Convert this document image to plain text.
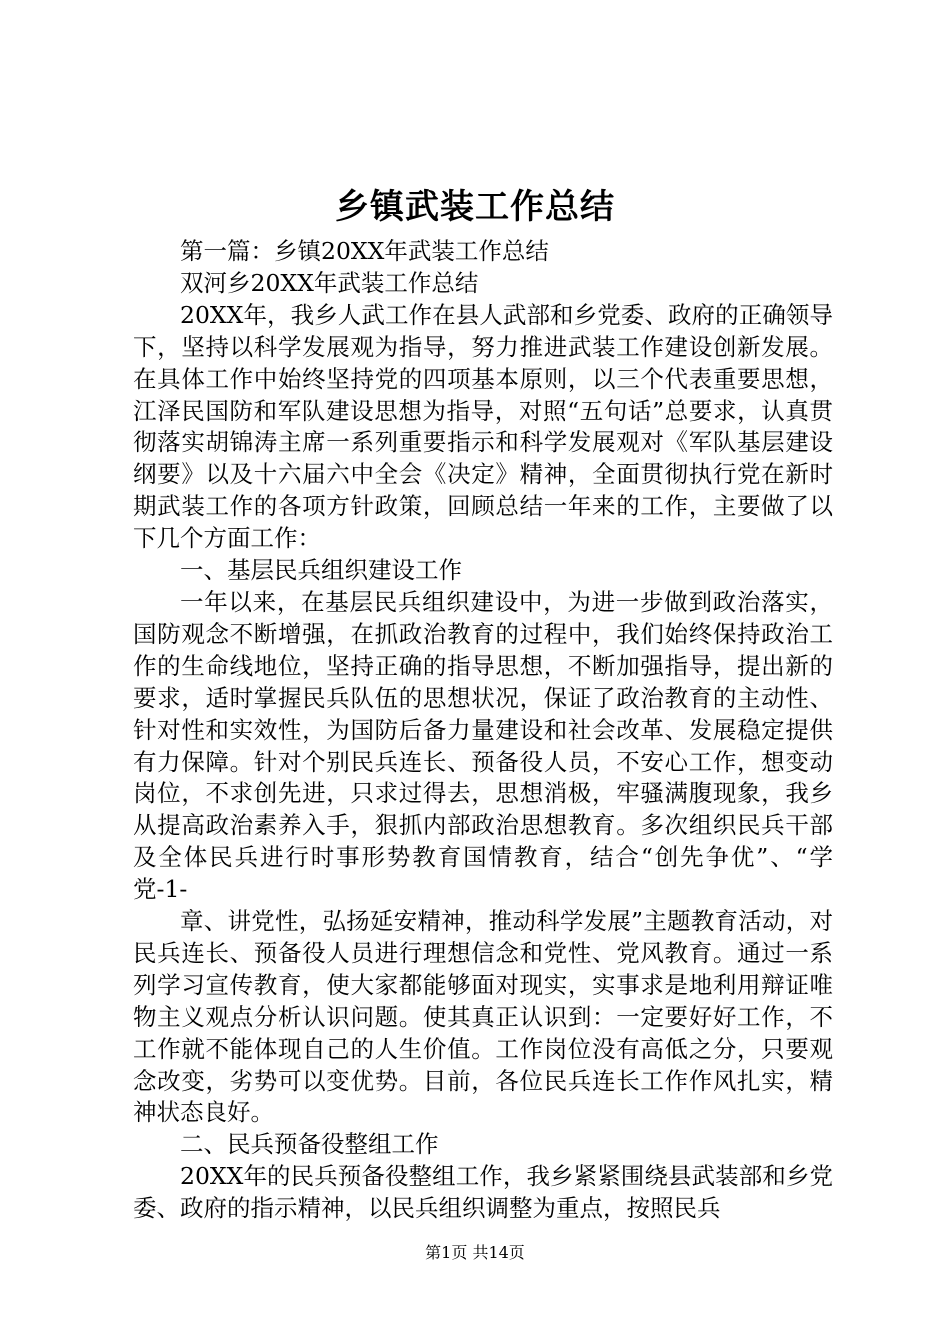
乡镇武装工作总结

第一篇：乡镇20XX年武装工作总结

双河乡20XX年武装工作总结

20XX年，我乡人武工作在县人武部和乡党委、政府的正确领导下，坚持以科学发展观为指导，努力推进武装工作建设创新发展。在具体工作中始终坚持党的四项基本原则，以三个代表重要思想，江泽民国防和军队建设思想为指导，对照“五句话”总要求，认真贯彻落实胡锦涛主席一系列重要指示和科学发展观对《军队基层建设纲要》以及十六届六中全会《决定》精神，全面贯彻执行党在新时期武装工作的各项方针政策，回顾总结一年来的工作，主要做了以下几个方面工作：

一、基层民兵组织建设工作

一年以来，在基层民兵组织建设中，为进一步做到政治落实，国防观念不断增强，在抓政治教育的过程中，我们始终保持政治工作的生命线地位，坚持正确的指导思想，不断加强指导，提出新的要求，适时掌握民兵队伍的思想状况，保证了政治教育的主动性、针对性和实效性，为国防后备力量建设和社会改革、发展稳定提供有力保障。针对个别民兵连长、预备役人员，不安心工作，想变动岗位，不求创先进，只求过得去，思想消极，牢骚满腹现象，我乡从提高政治素养入手，狠抓内部政治思想教育。多次组织民兵干部及全体民兵进行时事形势教育国情教育，结合“创先争优”、“学党-1-

章、讲党性，弘扬延安精神，推动科学发展”主题教育活动，对民兵连长、预备役人员进行理想信念和党性、党风教育。通过一系列学习宣传教育，使大家都能够面对现实，实事求是地利用辩证唯物主义观点分析认识问题。使其真正认识到：一定要好好工作，不工作就不能体现自己的人生价值。工作岗位没有高低之分，只要观念改变，劣势可以变优势。目前，各位民兵连长工作作风扎实，精神状态良好。

二、民兵预备役整组工作

20XX年的民兵预备役整组工作，我乡紧紧围绕县武装部和乡党委、政府的指示精神，以民兵组织调整为重点，按照民兵

第1页 共14页
